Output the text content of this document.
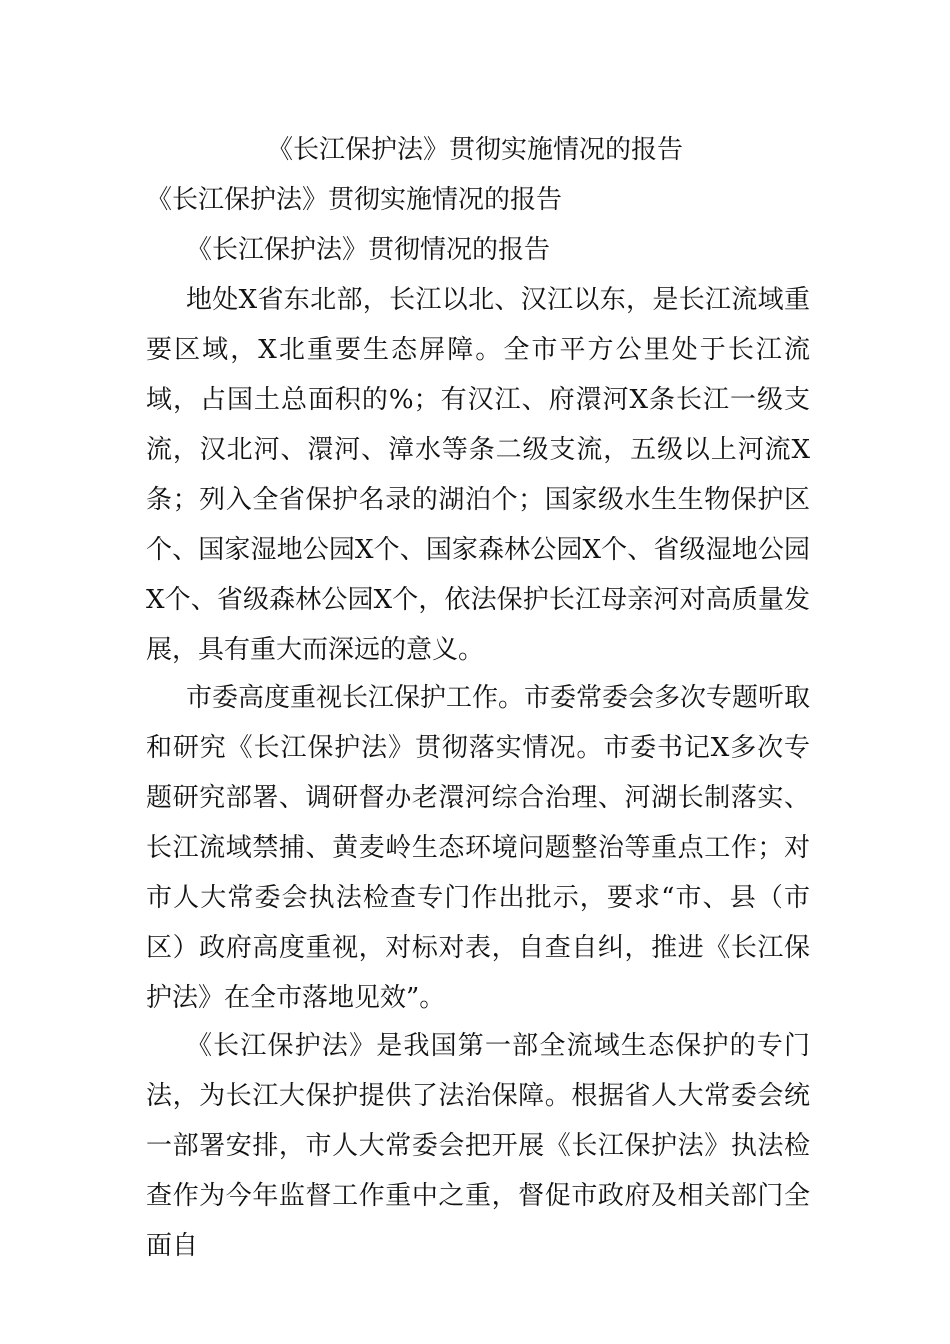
《长江保护法》贯彻实施情况的报告
《长江保护法》贯彻实施情况的报告
《长江保护法》贯彻情况的报告

地处X省东北部，长江以北、汉江以东，是长江流域重要区域，X北重要生态屏障。全市平方公里处于长江流域，占国土总面积的%；有汉江、府澴河X条长江一级支流，汉北河、澴河、漳水等条二级支流，五级以上河流X条；列入全省保护名录的湖泊个；国家级水生生物保护区个、国家湿地公园X个、国家森林公园X个、省级湿地公园X个、省级森林公园X个，依法保护长江母亲河对高质量发展，具有重大而深远的意义。

市委高度重视长江保护工作。市委常委会多次专题听取和研究《长江保护法》贯彻落实情况。市委书记X多次专题研究部署、调研督办老澴河综合治理、河湖长制落实、长江流域禁捕、黄麦岭生态环境问题整治等重点工作；对市人大常委会执法检查专门作出批示，要求“市、县（市区）政府高度重视，对标对表，自查自纠，推进《长江保护法》在全市落地见效”。

《长江保护法》是我国第一部全流域生态保护的专门法，为长江大保护提供了法治保障。根据省人大常委会统一部署安排，市人大常委会把开展《长江保护法》执法检查作为今年监督工作重中之重，督促市政府及相关部门全面自
